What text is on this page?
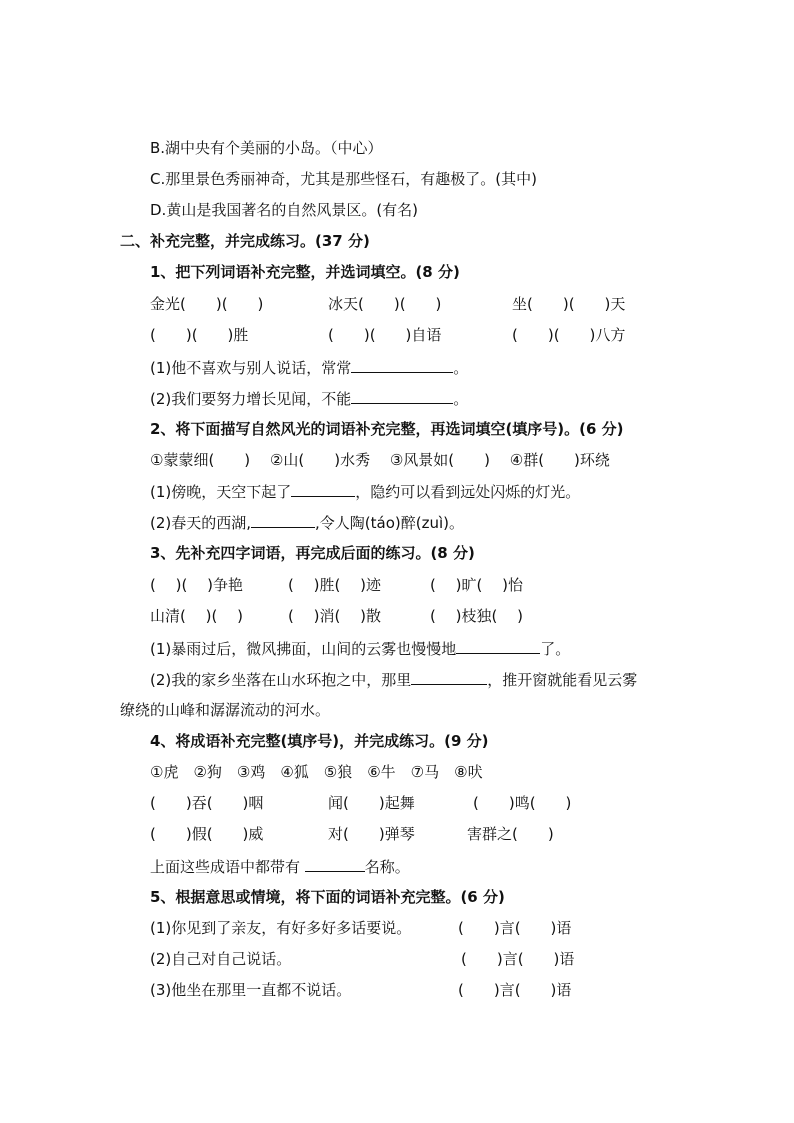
B.湖中央有个美丽的小岛。（中心）
C.那里景色秀丽神奇，尤其是那些怪石，有趣极了。(其中)
D.黄山是我国著名的自然风景区。(有名)
二、补充完整，并完成练习。(37 分)
1、把下列词语补充完整，并选词填空。(8 分)
金光(　　)(　　)	冰天(　　)(　　)	坐(　　)(　　)天
(　　)(　　)胜	(　　)(　　)自语	(　　)(　　)八方
(1)他不喜欢与别人说话，常常	。
(2)我们要努力增长见闻，不能	。
2、将下面描写自然风光的词语补充完整，再选词填空(填序号)。(6 分)
①蒙蒙细(　　)　 ②山(　　)水秀　 ③风景如(　　)　 ④群(　　)环绕
(1)傍晚，天空下起了	，隐约可以看到远处闪烁的灯光。
(2)春天的西湖,	,令人陶(táo)醉(zuì)。
3、先补充四字词语，再完成后面的练习。(8 分)
(　 )(　 )争艳	(　 )胜(　 )迹	(　 )旷(　 )怡
山清(　 )(　 )	(　 )消(　 )散	(　 )枝独(　 )
(1)暴雨过后，微风拂面，山间的云雾也慢慢地	了。
(2)我的家乡坐落在山水环抱之中，那里	，推开窗就能看见云雾
缭绕的山峰和潺潺流动的河水。
4、将成语补充完整(填序号)，并完成练习。(9 分)
①虎　②狗　③鸡　④狐　⑤狼　⑥牛　⑦马　⑧吠
(　　)吞(　　)咽	闻(　　)起舞	(　　)鸣(　　)
(　　)假(　　)威	对(　　)弹琴	害群之(　　)
上面这些成语中都带有	名称。
5、根据意思或情境，将下面的词语补充完整。(6 分)
(1)你见到了亲友，有好多好多话要说。	(　　)言(　　)语
(2)自己对自己说话。	(　　)言(　　)语
(3)他坐在那里一直都不说话。	(　　)言(　　)语
